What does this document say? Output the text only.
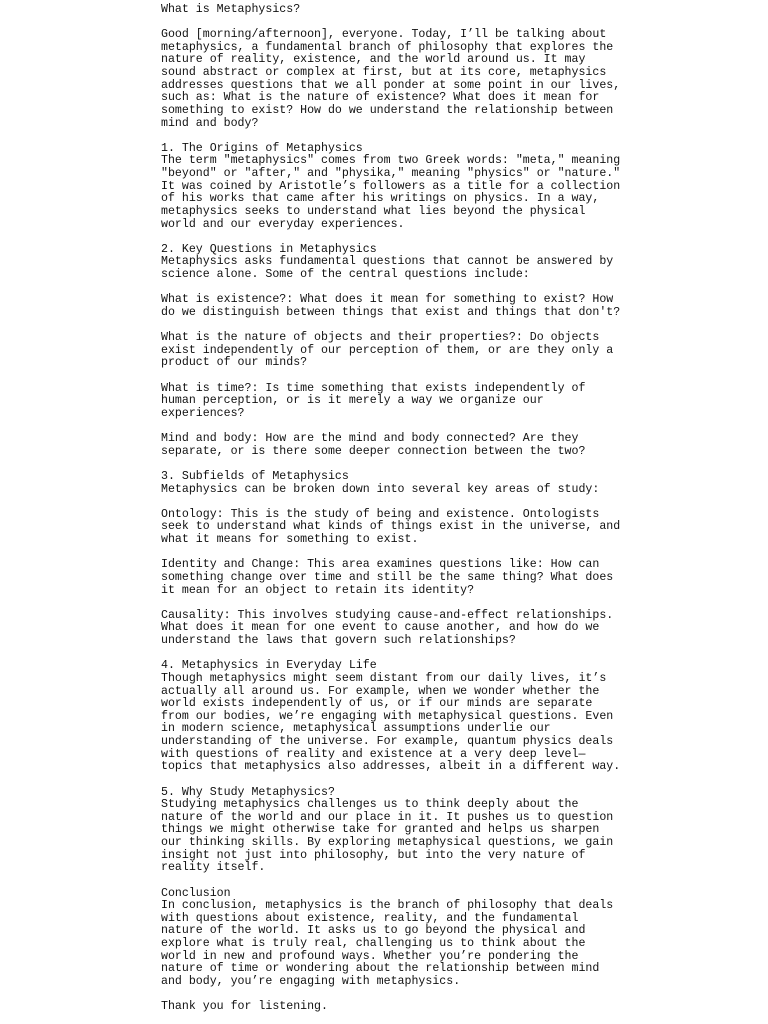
What is Metaphysics?
Good [morning/afternoon], everyone. Today, I’ll be talking about
metaphysics, a fundamental branch of philosophy that explores the
nature of reality, existence, and the world around us. It may
sound abstract or complex at first, but at its core, metaphysics
addresses questions that we all ponder at some point in our lives,
such as: What is the nature of existence? What does it mean for
something to exist? How do we understand the relationship between
mind and body?
1. The Origins of Metaphysics
The term "metaphysics" comes from two Greek words: "meta," meaning
"beyond" or "after," and "physika," meaning "physics" or "nature."
It was coined by Aristotle’s followers as a title for a collection
of his works that came after his writings on physics. In a way,
metaphysics seeks to understand what lies beyond the physical
world and our everyday experiences.
2. Key Questions in Metaphysics
Metaphysics asks fundamental questions that cannot be answered by
science alone. Some of the central questions include:
What is existence?: What does it mean for something to exist? How
do we distinguish between things that exist and things that don't?
What is the nature of objects and their properties?: Do objects
exist independently of our perception of them, or are they only a
product of our minds?
What is time?: Is time something that exists independently of
human perception, or is it merely a way we organize our
experiences?
Mind and body: How are the mind and body connected? Are they
separate, or is there some deeper connection between the two?
3. Subfields of Metaphysics
Metaphysics can be broken down into several key areas of study:
Ontology: This is the study of being and existence. Ontologists
seek to understand what kinds of things exist in the universe, and
what it means for something to exist.
Identity and Change: This area examines questions like: How can
something change over time and still be the same thing? What does
it mean for an object to retain its identity?
Causality: This involves studying cause-and-effect relationships.
What does it mean for one event to cause another, and how do we
understand the laws that govern such relationships?
4. Metaphysics in Everyday Life
Though metaphysics might seem distant from our daily lives, it’s
actually all around us. For example, when we wonder whether the
world exists independently of us, or if our minds are separate
from our bodies, we’re engaging with metaphysical questions. Even
in modern science, metaphysical assumptions underlie our
understanding of the universe. For example, quantum physics deals
with questions of reality and existence at a very deep level—
topics that metaphysics also addresses, albeit in a different way.
5. Why Study Metaphysics?
Studying metaphysics challenges us to think deeply about the
nature of the world and our place in it. It pushes us to question
things we might otherwise take for granted and helps us sharpen
our thinking skills. By exploring metaphysical questions, we gain
insight not just into philosophy, but into the very nature of
reality itself.
Conclusion
In conclusion, metaphysics is the branch of philosophy that deals
with questions about existence, reality, and the fundamental
nature of the world. It asks us to go beyond the physical and
explore what is truly real, challenging us to think about the
world in new and profound ways. Whether you’re pondering the
nature of time or wondering about the relationship between mind
and body, you’re engaging with metaphysics.
Thank you for listening.
